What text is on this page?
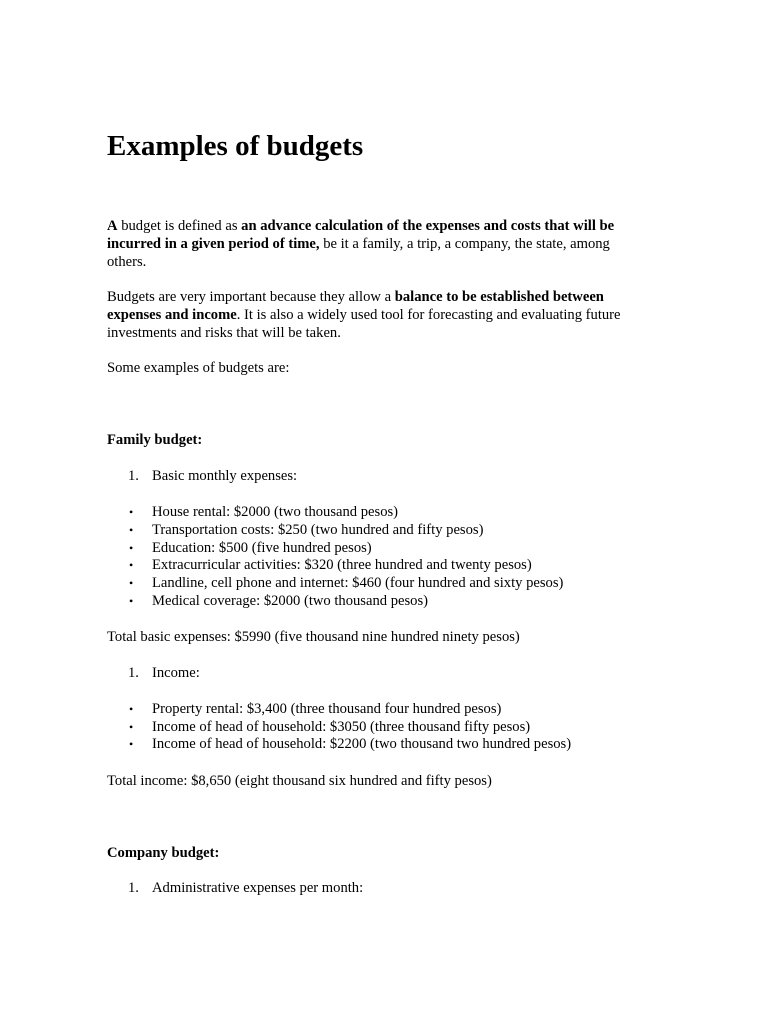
Examples of budgets

A budget is defined as an advance calculation of the expenses and costs that will be incurred in a given period of time, be it a family, a trip, a company, the state, among others.

Budgets are very important because they allow a balance to be established between expenses and income. It is also a widely used tool for forecasting and evaluating future investments and risks that will be taken.

Some examples of budgets are:

Family budget:

1. Basic monthly expenses:
• House rental: $2000 (two thousand pesos)
• Transportation costs: $250 (two hundred and fifty pesos)
• Education: $500 (five hundred pesos)
• Extracurricular activities: $320 (three hundred and twenty pesos)
• Landline, cell phone and internet: $460 (four hundred and sixty pesos)
• Medical coverage: $2000 (two thousand pesos)

Total basic expenses: $5990 (five thousand nine hundred ninety pesos)

1. Income:
• Property rental: $3,400 (three thousand four hundred pesos)
• Income of head of household: $3050 (three thousand fifty pesos)
• Income of head of household: $2200 (two thousand two hundred pesos)

Total income: $8,650 (eight thousand six hundred and fifty pesos)

Company budget:

1. Administrative expenses per month:
